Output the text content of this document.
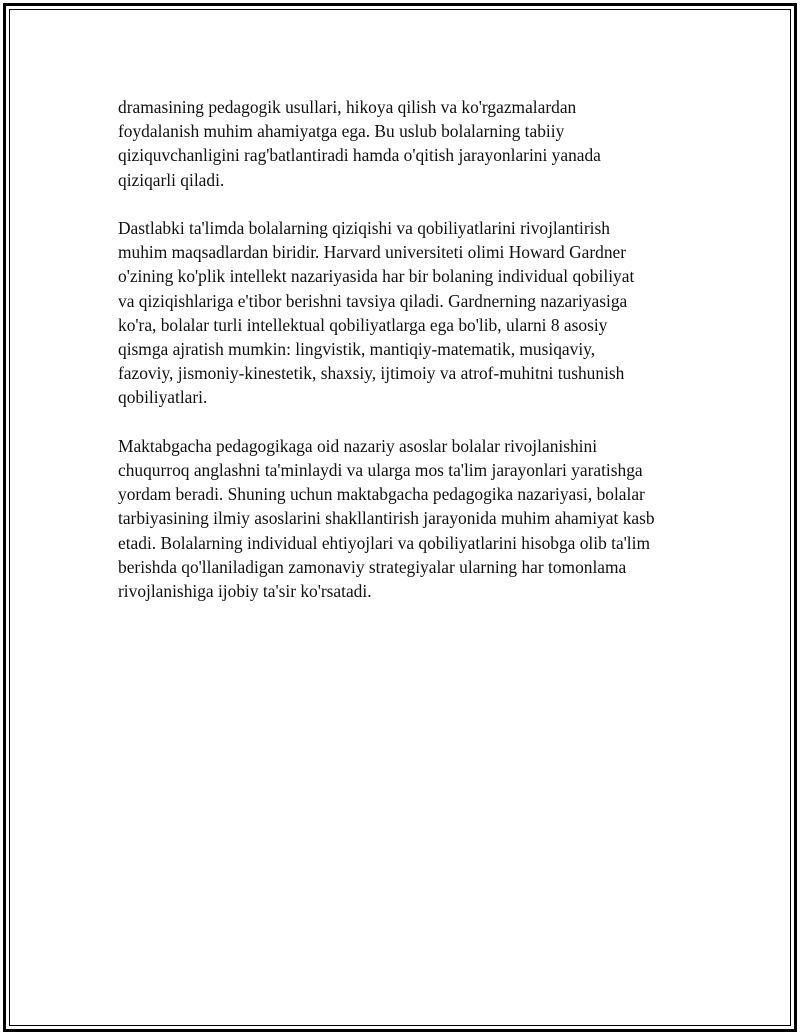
dramasining pedagogik usullari, hikoya qilish va ko'rgazmalardan
foydalanish muhim ahamiyatga ega. Bu uslub bolalarning tabiiy
qiziquvchanligini rag'batlantiradi hamda o'qitish jarayonlarini yanada
qiziqarli qiladi.

Dastlabki ta'limda bolalarning qiziqishi va qobiliyatlarini rivojlantirish
muhim maqsadlardan biridir. Harvard universiteti olimi Howard Gardner
o'zining ko'plik intellekt nazariyasida har bir bolaning individual qobiliyat
va qiziqishlariga e'tibor berishni tavsiya qiladi. Gardnerning nazariyasiga
ko'ra, bolalar turli intellektual qobiliyatlarga ega bo'lib, ularni 8 asosiy
qismga ajratish mumkin: lingvistik, mantiqiy-matematik, musiqaviy,
fazoviy, jismoniy-kinestetik, shaxsiy, ijtimoiy va atrof-muhitni tushunish
qobiliyatlari.

Maktabgacha pedagogikaga oid nazariy asoslar bolalar rivojlanishini
chuqurroq anglashni ta'minlaydi va ularga mos ta'lim jarayonlari yaratishga
yordam beradi. Shuning uchun maktabgacha pedagogika nazariyasi, bolalar
tarbiyasining ilmiy asoslarini shakllantirish jarayonida muhim ahamiyat kasb
etadi. Bolalarning individual ehtiyojlari va qobiliyatlarini hisobga olib ta'lim
berishda qo'llaniladigan zamonaviy strategiyalar ularning har tomonlama
rivojlanishiga ijobiy ta'sir ko'rsatadi.
